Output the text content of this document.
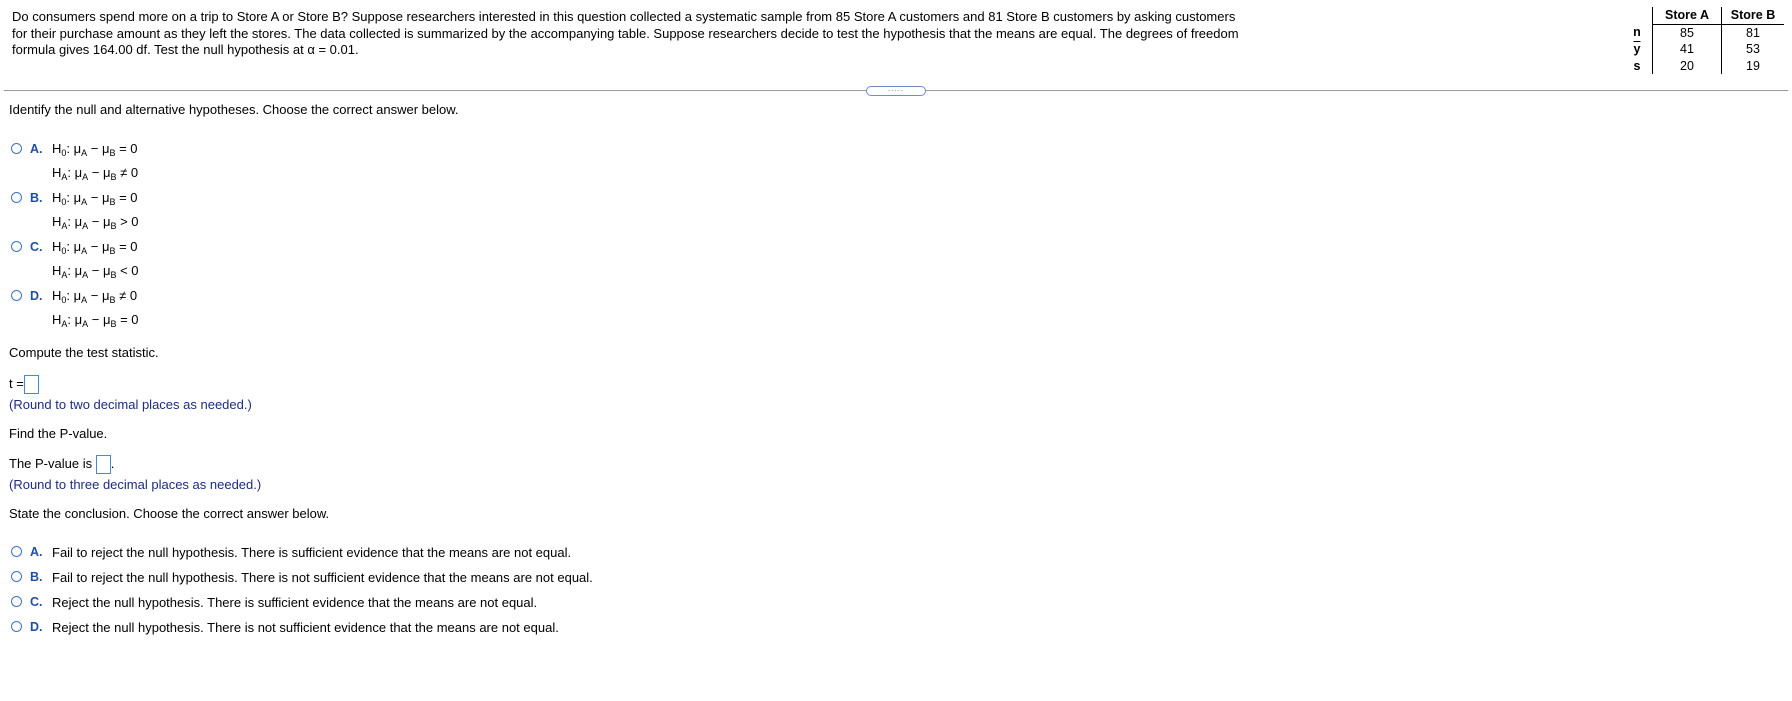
Do consumers spend more on a trip to Store A or Store B? Suppose researchers interested in this question collected a systematic sample from 85 Store A customers and 81 Store B customers by asking customers for their purchase amount as they left the stores. The data collected is summarized by the accompanying table. Suppose researchers decide to test the hypothesis that the means are equal. The degrees of freedom formula gives 164.00 df. Test the null hypothesis at α = 0.01.
	Store A	Store B
n	85	81
$\overline{y}$	41	53
s	20	19
.....
Identify the null and alternative hypotheses. Choose the correct answer below.
A. $H_0$: $\mu_A - \mu_B = 0$
$H_A$: $\mu_A - \mu_B \ne 0$
B. $H_0$: $\mu_A - \mu_B = 0$
$H_A$: $\mu_A - \mu_B > 0$
C. $H_0$: $\mu_A - \mu_B = 0$
$H_A$: $\mu_A - \mu_B < 0$
D. $H_0$: $\mu_A - \mu_B \ne 0$
$H_A$: $\mu_A - \mu_B = 0$
Compute the test statistic.
t =
(Round to two decimal places as needed.)
Find the P-value.
The P-value is .
(Round to three decimal places as needed.)
State the conclusion. Choose the correct answer below.
A. Fail to reject the null hypothesis. There is sufficient evidence that the means are not equal.
B. Fail to reject the null hypothesis. There is not sufficient evidence that the means are not equal.
C. Reject the null hypothesis. There is sufficient evidence that the means are not equal.
D. Reject the null hypothesis. There is not sufficient evidence that the means are not equal.
